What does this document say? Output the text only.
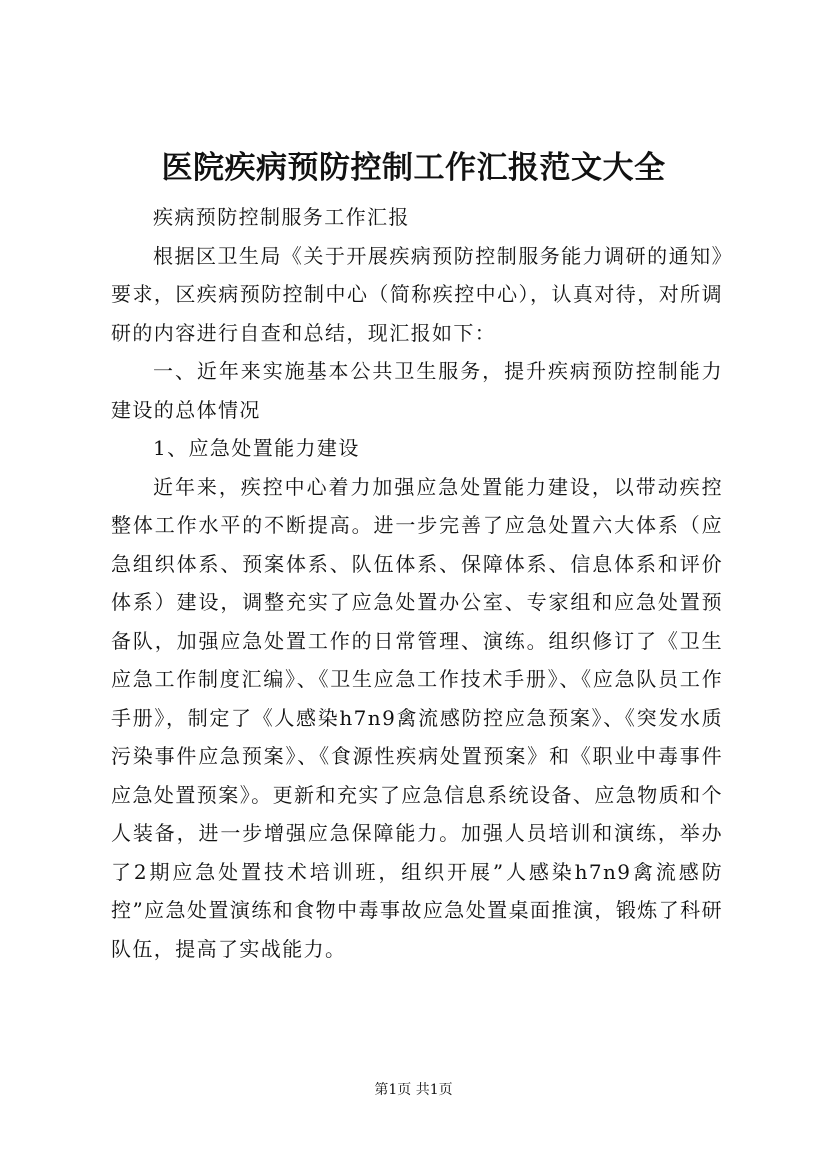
医院疾病预防控制工作汇报范文大全

疾病预防控制服务工作汇报

根据区卫生局《关于开展疾病预防控制服务能力调研的通知》要求，区疾病预防控制中心（简称疾控中心），认真对待，对所调研的内容进行自查和总结，现汇报如下：

一、近年来实施基本公共卫生服务，提升疾病预防控制能力建设的总体情况

1、应急处置能力建设

近年来，疾控中心着力加强应急处置能力建设，以带动疾控整体工作水平的不断提高。进一步完善了应急处置六大体系（应急组织体系、预案体系、队伍体系、保障体系、信息体系和评价体系）建设，调整充实了应急处置办公室、专家组和应急处置预备队，加强应急处置工作的日常管理、演练。组织修订了《卫生应急工作制度汇编》、《卫生应急工作技术手册》、《应急队员工作手册》，制定了《人感染h7n9禽流感防控应急预案》、《突发水质污染事件应急预案》、《食源性疾病处置预案》和《职业中毒事件应急处置预案》。更新和充实了应急信息系统设备、应急物质和个人装备，进一步增强应急保障能力。加强人员培训和演练，举办了2期应急处置技术培训班，组织开展”人感染h7n9禽流感防控”应急处置演练和食物中毒事故应急处置桌面推演，锻炼了科研队伍，提高了实战能力。

第1页 共1页
